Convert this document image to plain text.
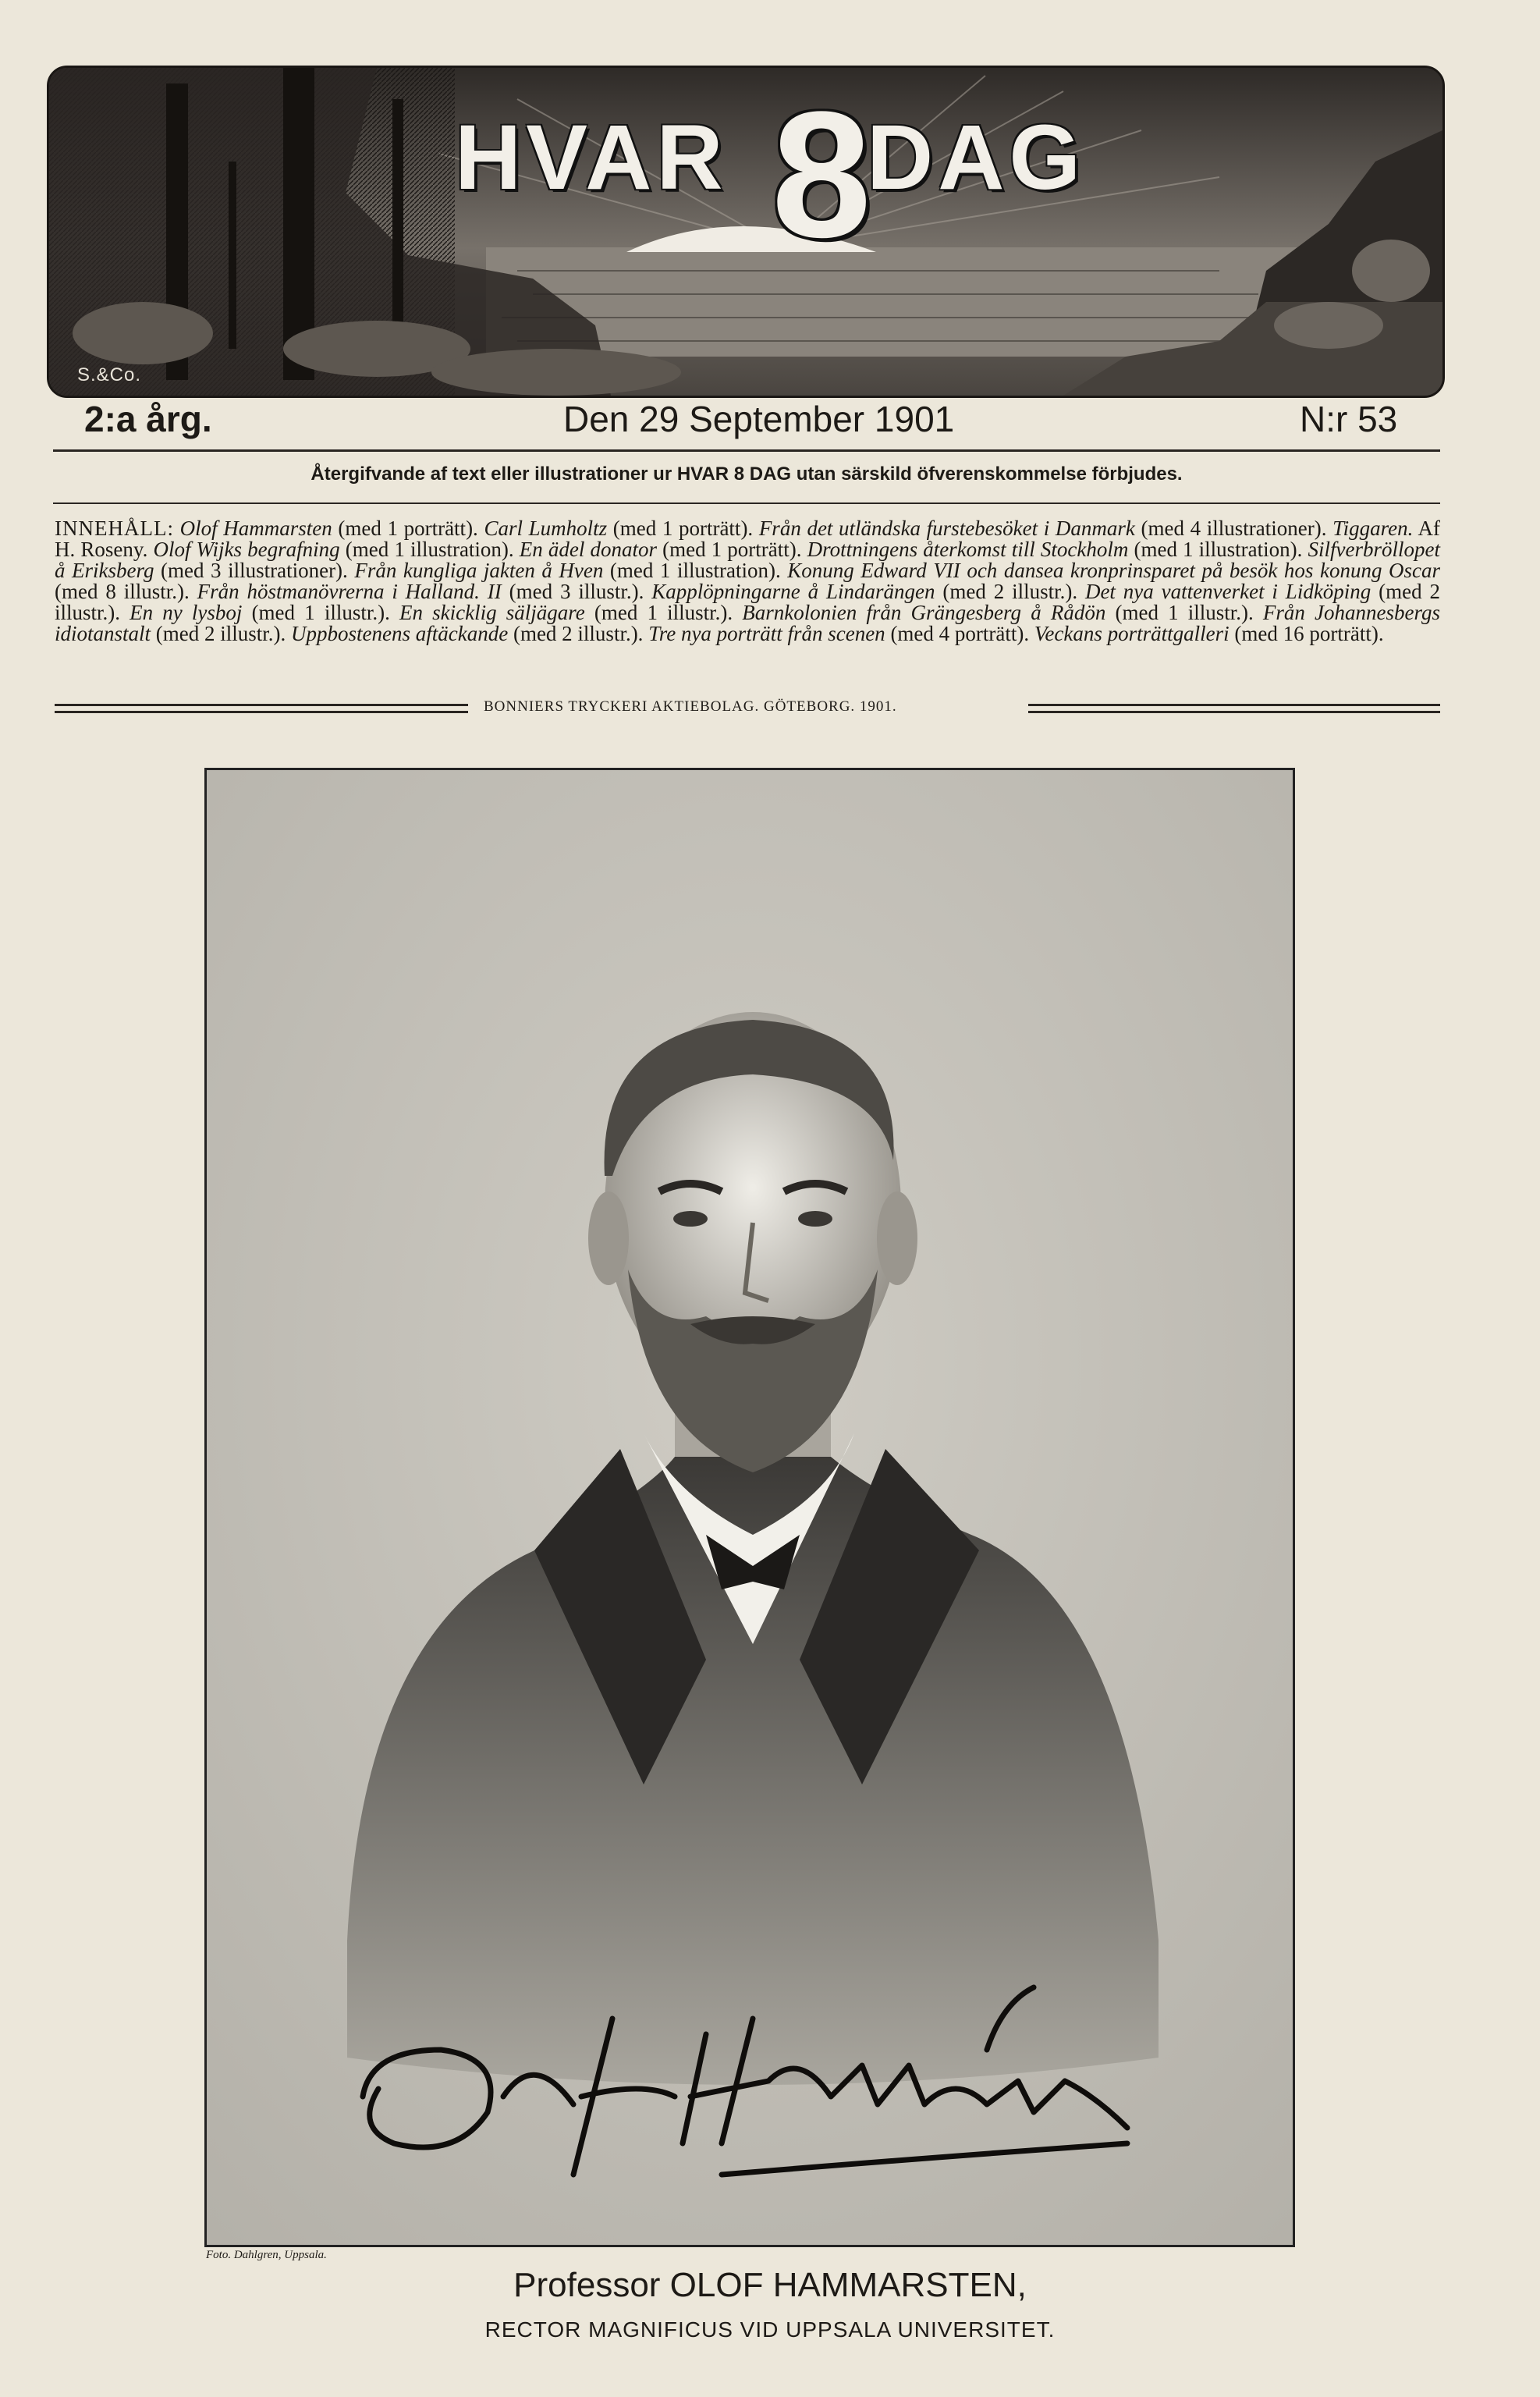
HVAR 8
DAG
S.&Co.
2:a årg.	Den 29 September 1901	N:r 53
Återgifvande af text eller illustrationer ur HVAR 8 DAG utan särskild öfverenskommelse förbjudes.

INNEHÅLL: Olof Hammarsten (med 1 porträtt). Carl Lumholtz (med 1 porträtt). Från det utländska furstebesöket i Danmark (med 4 illustrationer). Tiggaren. Af H. Roseny. Olof Wijks begrafning (med 1 illustration). En ädel donator (med 1 porträtt). Drottningens återkomst till Stockholm (med 1 illustration). Silfverbröllopet å Eriksberg (med 3 illustrationer). Från kungliga jakten å Hven (med 1 illustration). Konung Edward VII och dansea kronprinsparet på besök hos konung Oscar (med 8 illustr.). Från höstmanövrerna i Halland. II (med 3 illustr.). Kapplöpningarne å Lindarängen (med 2 illustr.). Det nya vattenverket i Lidköping (med 2 illustr.). En ny lysboj (med 1 illustr.). En skicklig säljägare (med 1 illustr.). Barnkolonien från Grängesberg å Rådön (med 1 illustr.). Från Johannesbergs idiotanstalt (med 2 illustr.). Uppbostenens aftäckande (med 2 illustr.). Tre nya porträtt från scenen (med 4 porträtt). Veckans porträttgalleri (med 16 porträtt).

BONNIERS TRYCKERI AKTIEBOLAG. GÖTEBORG. 1901.
Foto. Dahlgren, Uppsala.
Professor OLOF HAMMARSTEN,
RECTOR MAGNIFICUS VID UPPSALA UNIVERSITET.
